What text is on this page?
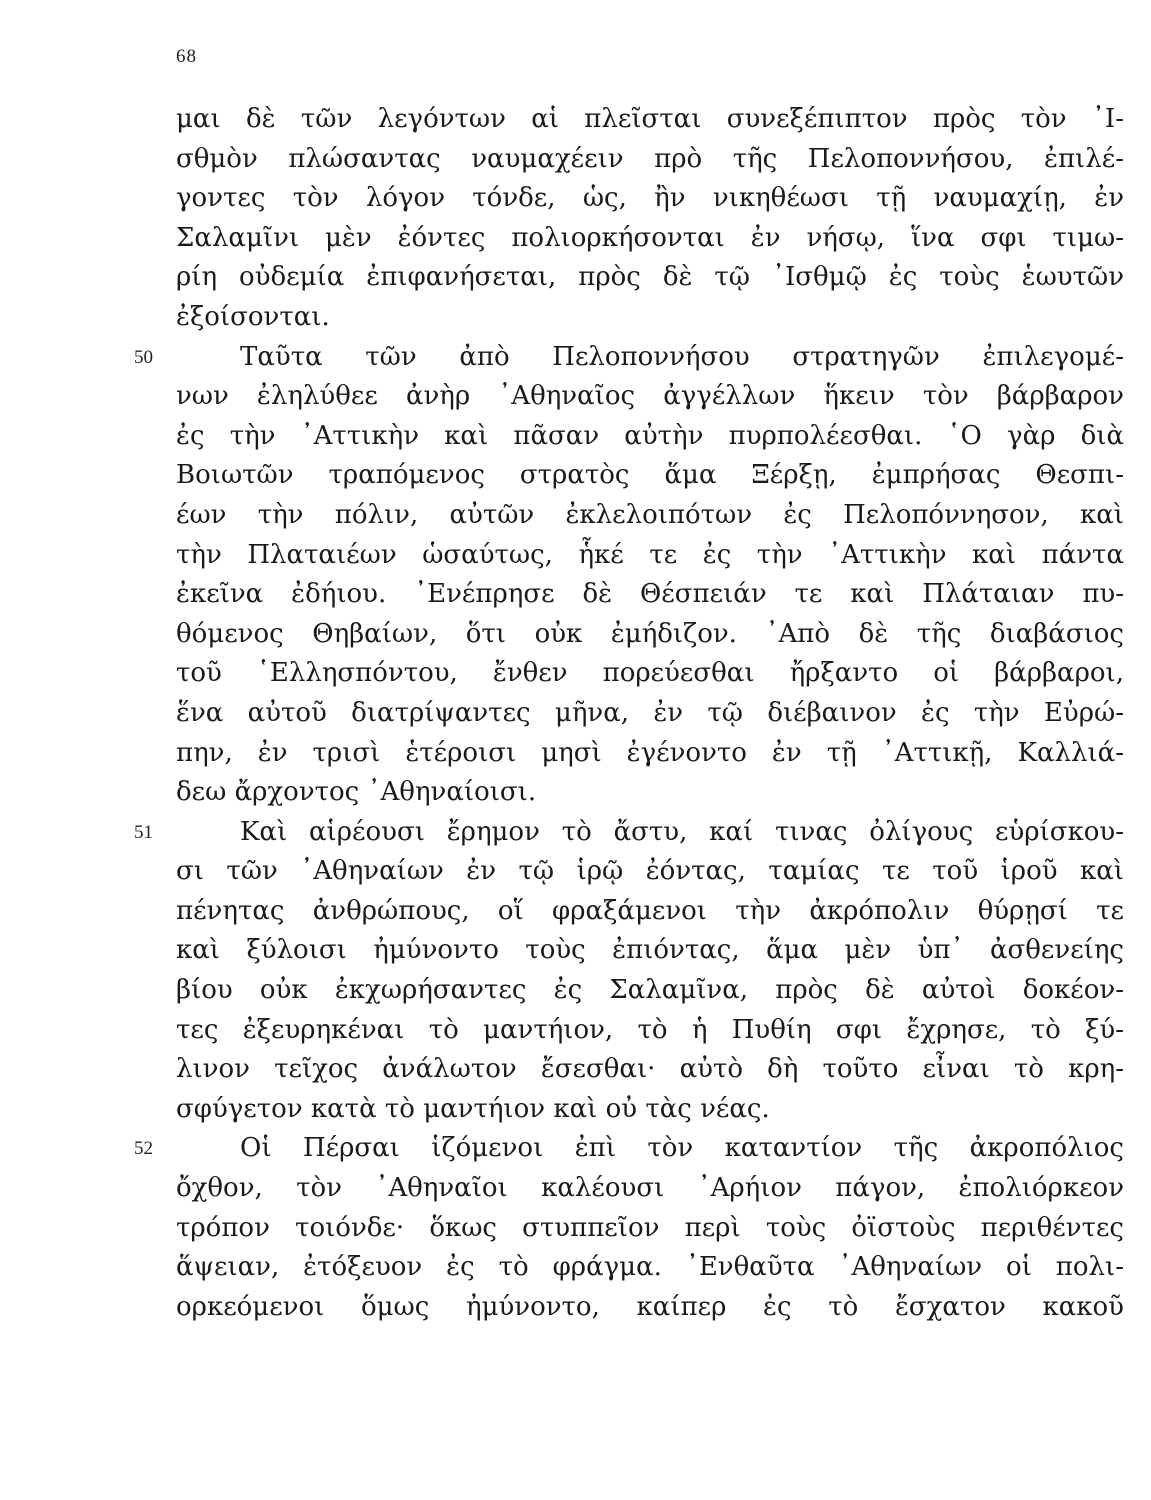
68
μαι δὲ τῶν λεγόντων αἱ πλεῖσται συνεξέπιπτον πρὸς τὸν ᾿Ι-
σθμὸν πλώσαντας ναυμαχέειν πρὸ τῆς Πελοποννήσου, ἐπιλέ-
γοντες τὸν λόγον τόνδε, ὡς, ἢν νικηθέωσι τῇ ναυμαχίῃ, ἐν
Σαλαμῖνι μὲν ἐόντες πολιορκήσονται ἐν νήσῳ, ἵνα σφι τιμω-
ρίη οὐδεμία ἐπιφανήσεται, πρὸς δὲ τῷ ᾿Ισθμῷ ἐς τοὺς ἑωυτῶν
ἐξοίσονται.
50	Ταῦτα τῶν ἀπὸ Πελοποννήσου στρατηγῶν ἐπιλεγομέ-
νων ἐληλύθεε ἀνὴρ ᾿Αθηναῖος ἀγγέλλων ἥκειν τὸν βάρβαρον
ἐς τὴν ᾿Αττικὴν καὶ πᾶσαν αὐτὴν πυρπολέεσθαι. ῾Ο γὰρ διὰ
Βοιωτῶν τραπόμενος στρατὸς ἅμα Ξέρξῃ, ἐμπρήσας Θεσπι-
έων τὴν πόλιν, αὐτῶν ἐκλελοιπότων ἐς Πελοπόννησον, καὶ
τὴν Πλαταιέων ὡσαύτως, ἧκέ τε ἐς τὴν ᾿Αττικὴν καὶ πάντα
ἐκεῖνα ἐδήιου. ᾿Ενέπρησε δὲ Θέσπειάν τε καὶ Πλάταιαν πυ-
θόμενος Θηβαίων, ὅτι οὐκ ἐμήδιζον. ᾿Απὸ δὲ τῆς διαβάσιος
τοῦ ῾Ελλησπόντου, ἔνθεν πορεύεσθαι ἤρξαντο οἱ βάρβαροι,
ἕνα αὐτοῦ διατρίψαντες μῆνα, ἐν τῷ διέβαινον ἐς τὴν Εὐρώ-
πην, ἐν τρισὶ ἑτέροισι μησὶ ἐγένοντο ἐν τῇ ᾿Αττικῇ, Καλλιά-
δεω ἄρχοντος ᾿Αθηναίοισι.
51	Καὶ αἱρέουσι ἔρημον τὸ ἄστυ, καί τινας ὀλίγους εὑρίσκου-
σι τῶν ᾿Αθηναίων ἐν τῷ ἱρῷ ἐόντας, ταμίας τε τοῦ ἱροῦ καὶ
πένητας ἀνθρώπους, οἵ φραξάμενοι τὴν ἀκρόπολιν θύρῃσί τε
καὶ ξύλοισι ἠμύνοντο τοὺς ἐπιόντας, ἅμα μὲν ὑπ᾿ ἀσθενείης
βίου οὐκ ἐκχωρήσαντες ἐς Σαλαμῖνα, πρὸς δὲ αὐτοὶ δοκέον-
τες ἐξευρηκέναι τὸ μαντήιον, τὸ ἡ Πυθίη σφι ἔχρησε, τὸ ξύ-
λινον τεῖχος ἀνάλωτον ἔσεσθαι· αὐτὸ δὴ τοῦτο εἶναι τὸ κρη-
σφύγετον κατὰ τὸ μαντήιον καὶ οὐ τὰς νέας.
52	Οἱ Πέρσαι ἱζόμενοι ἐπὶ τὸν καταντίον τῆς ἀκροπόλιος
ὄχθον, τὸν ᾿Αθηναῖοι καλέουσι ᾿Αρήιον πάγον, ἐπολιόρκεον
τρόπον τοιόνδε· ὅκως στυππεῖον περὶ τοὺς ὀϊστοὺς περιθέντες
ἅψειαν, ἐτόξευον ἐς τὸ φράγμα. ᾿Ενθαῦτα ᾿Αθηναίων οἱ πολι-
ορκεόμενοι ὅμως ἠμύνοντο, καίπερ ἐς τὸ ἔσχατον κακοῦ
